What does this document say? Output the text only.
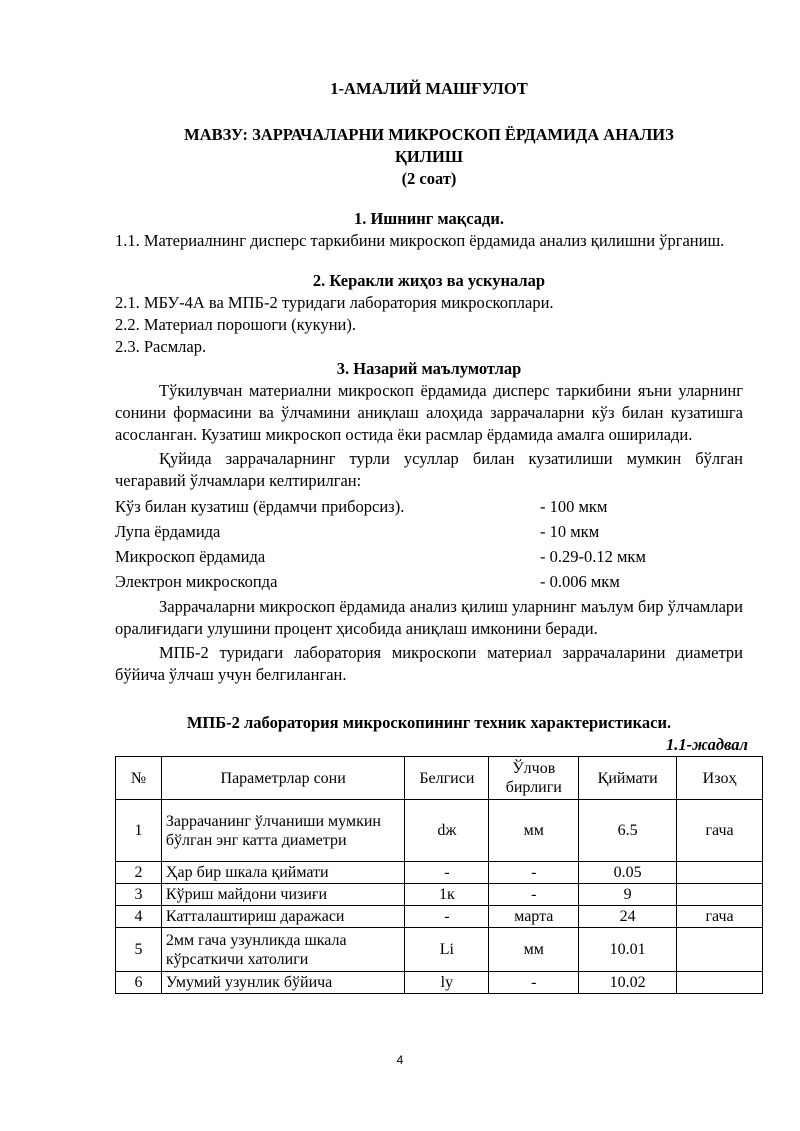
1-АМАЛИЙ МАШҒУЛОТ

МАВЗУ: ЗАРРАЧАЛАРНИ МИКРОСКОП ЁРДАМИДА АНАЛИЗ

ҚИЛИШ

(2 соат)

1. Ишнинг мақсади.

1.1. Материалнинг дисперс таркибини микроскоп ёрдамида анализ қилишни ўрганиш.

2. Керакли жиҳоз ва ускуналар

2.1. МБУ-4А ва МПБ-2 туридаги лаборатория микроскоплари.

2.2. Материал порошоги (кукуни).

2.3. Расмлар.

3. Назарий маълумотлар

Тўкилувчан материални микроскоп ёрдамида дисперс таркибини яъни уларнинг сонини формасини ва ўлчамини аниқлаш алоҳида заррачаларни кўз билан кузатишга асосланган. Кузатиш микроскоп остида ёки расмлар ёрдамида амалга оширилади.

Қуйида заррачаларнинг турли усуллар билан кузатилиши мумкин бўлган чегаравий ўлчамлари келтирилган:

Кўз билан кузатиш (ёрдамчи приборсиз).	- 100 мкм
Лупа ёрдамида	- 10 мкм
Микроскоп ёрдамида	- 0.29-0.12 мкм
Электрон микроскопда	- 0.006 мкм

Заррачаларни микроскоп ёрдамида анализ қилиш уларнинг маълум бир ўлчамлари оралиғидаги улушини процент ҳисобида аниқлаш имконини беради.

МПБ-2 туридаги лаборатория микроскопи материал заррачаларини диаметри бўйича ўлчаш учун белгиланган.

МПБ-2 лаборатория микроскопининг техник характеристикаси.

1.1-жадвал

№	Параметрлар сони	Белгиси	Ўлчов бирлиги	Қиймати	Изоҳ
1	Заррачанинг ўлчаниши мумкин бўлган энг катта диаметри	dж	мм	6.5	гача
2	Ҳар бир шкала қиймати	-	-	0.05	
3	Кўриш майдони чизиғи	1к	-	9	
4	Катталаштириш даражаси	-	марта	24	гача
5	2мм гача узунликда шкала кўрсаткичи хатолиги	Li	мм	10.01	
6	Умумий узунлик бўйича	ly	-	10.02	
4
